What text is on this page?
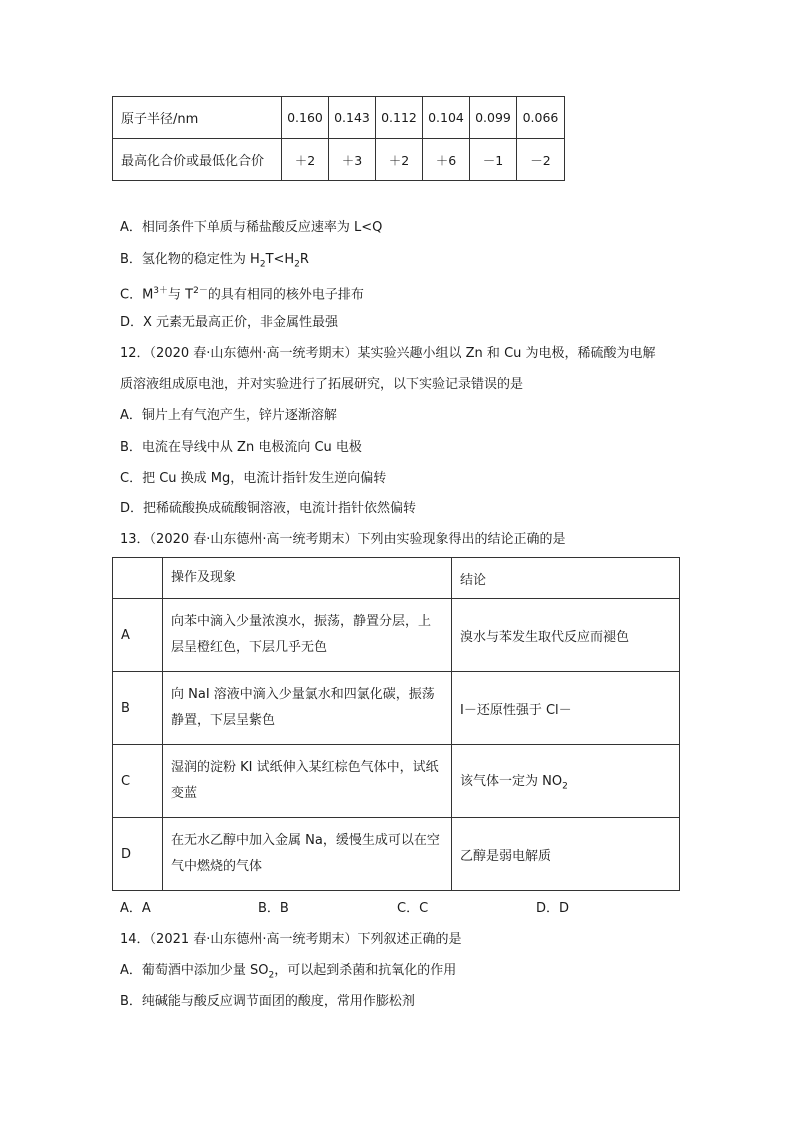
原子半径/nm	0.160	0.143	0.112	0.104	0.099	0.066
最高化合价或最低化合价	＋2	＋3	＋2	＋6	－1	－2
A．相同条件下单质与稀盐酸反应速率为 L<Q
B．氢化物的稳定性为 $H_2T<H_2R$
C．$M^{3+}$与 $T^{2-}$的具有相同的核外电子排布
D．X 元素无最高正价，非金属性最强
12．（2020 春·山东德州·高一统考期末）某实验兴趣小组以 Zn 和 Cu 为电极，稀硫酸为电解
质溶液组成原电池，并对实验进行了拓展研究，以下实验记录错误的是
A．铜片上有气泡产生，锌片逐渐溶解
B．电流在导线中从 Zn 电极流向 Cu 电极
C．把 Cu 换成 Mg，电流计指针发生逆向偏转
D．把稀硫酸换成硫酸铜溶液，电流计指针依然偏转
13．（2020 春·山东德州·高一统考期末）下列由实验现象得出的结论正确的是
	操作及现象	结论
A	向苯中滴入少量浓溴水，振荡，静置分层，上层呈橙红色，下层几乎无色	溴水与苯发生取代反应而褪色
B	向 NaI 溶液中滴入少量氯水和四氯化碳，振荡静置，下层呈紫色	I－还原性强于 Cl－
C	湿润的淀粉 KI 试纸伸入某红棕色气体中，试纸变蓝	该气体一定为 $NO_2$
D	在无水乙醇中加入金属 Na，缓慢生成可以在空气中燃烧的气体	乙醇是弱电解质
A．A	B．B	C．C	D．D
14．（2021 春·山东德州·高一统考期末）下列叙述正确的是
A．葡萄酒中添加少量 $SO_2$，可以起到杀菌和抗氧化的作用
B．纯碱能与酸反应调节面团的酸度，常用作膨松剂
